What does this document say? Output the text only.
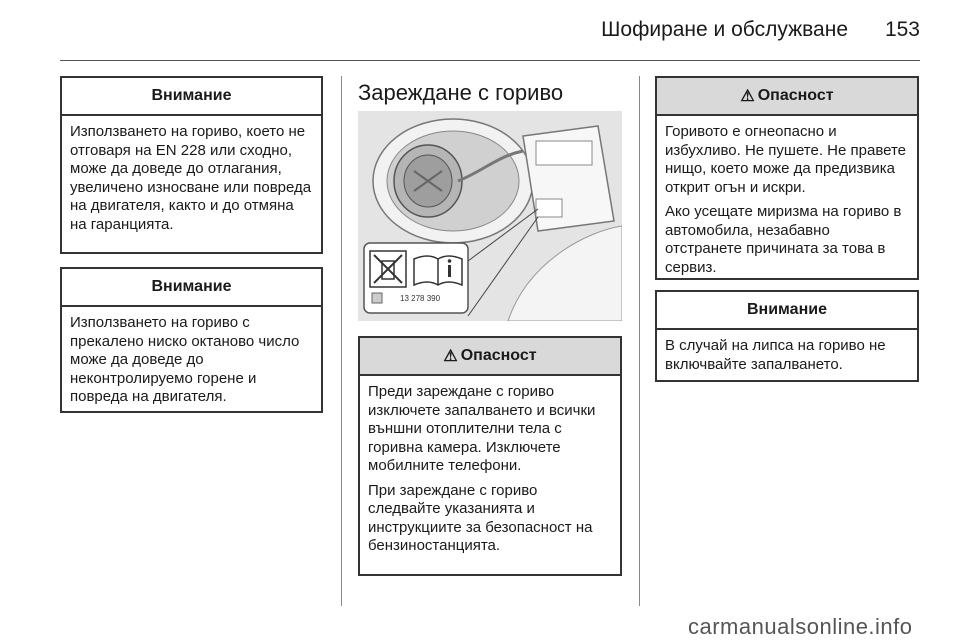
Шофиране и обслужване	153
Внимание

Използването на гориво, което не отговаря на EN 228 или сходно, може да доведе до отлагания, увеличено износване или повреда на двигателя, както и до отмяна на гаранцията.

Внимание

Използването на гориво с прекалено ниско октаново число може да доведе до неконтролируемо горене и повреда на двигателя.

Зареждане с гориво
13 278 390
⚠ Опасност

Преди зареждане с гориво изключете запалването и всички външни отоплителни тела с горивна камера. Изключете мобилните телефони.

При зареждане с гориво следвайте указанията и инструкциите за безопасност на бензиностанцията.

⚠ Опасност

Горивото е огнеопасно и избухливо. Не пушете. Не правете нищо, което може да предизвика открит огън и искри.

Ако усещате миризма на гориво в автомобила, незабавно отстранете причината за това в сервиз.

Внимание

В случай на липса на гориво не включвайте запалването.

carmanualsonline.info
